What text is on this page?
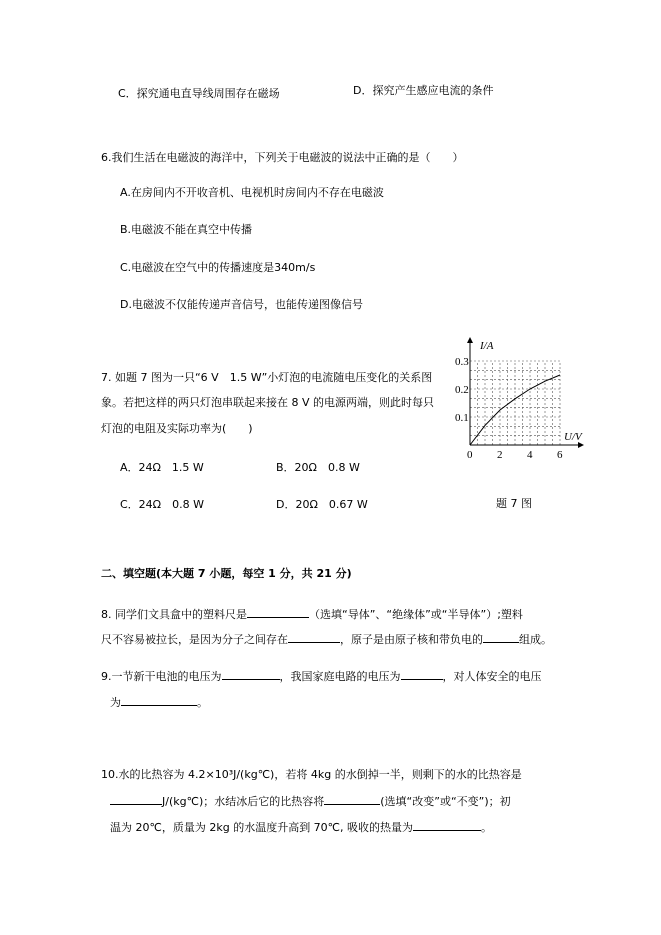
C．探究通电直导线周围存在磁场	D．探究产生感应电流的条件
6.我们生活在电磁波的海洋中，下列关于电磁波的说法中正确的是（　　）
A.在房间内不开收音机、电视机时房间内不存在电磁波
B.电磁波不能在真空中传播
C.电磁波在空气中的传播速度是340m/s
D.电磁波不仅能传递声音信号，也能传递图像信号
7. 如题 7 图为一只“6 V　1.5 W”小灯泡的电流随电压变化的关系图
象。若把这样的两只灯泡串联起来接在 8 V 的电源两端，则此时每只
灯泡的电阻及实际功率为(　　)
A．24Ω　1.5 W	B．20Ω　0.8 W
C．24Ω　0.8 W	D．20Ω　0.67 W
I/A
U/V
0 2 4 6
0.1
0.2
0.3
题 7 图
二、填空题(本大题 7 小题，每空 1 分，共 21 分)
8. 同学们文具盒中的塑料尺是	（选填“导体”、“绝缘体”或“半导体”）;塑料
尺不容易被拉长，是因为分子之间存在	，原子是由原子核和带负电的	组成。
9.一节新干电池的电压为	，我国家庭电路的电压为	，对人体安全的电压
为	。
10.水的比热容为 4.2×10³J/(kg℃)，若将 4kg 的水倒掉一半，则剩下的水的比热容是
J/(kg℃)；水结冰后它的比热容将	(选填“改变”或“不变”)；初
温为 20℃，质量为 2kg 的水温度升高到 70℃, 吸收的热量为	。
